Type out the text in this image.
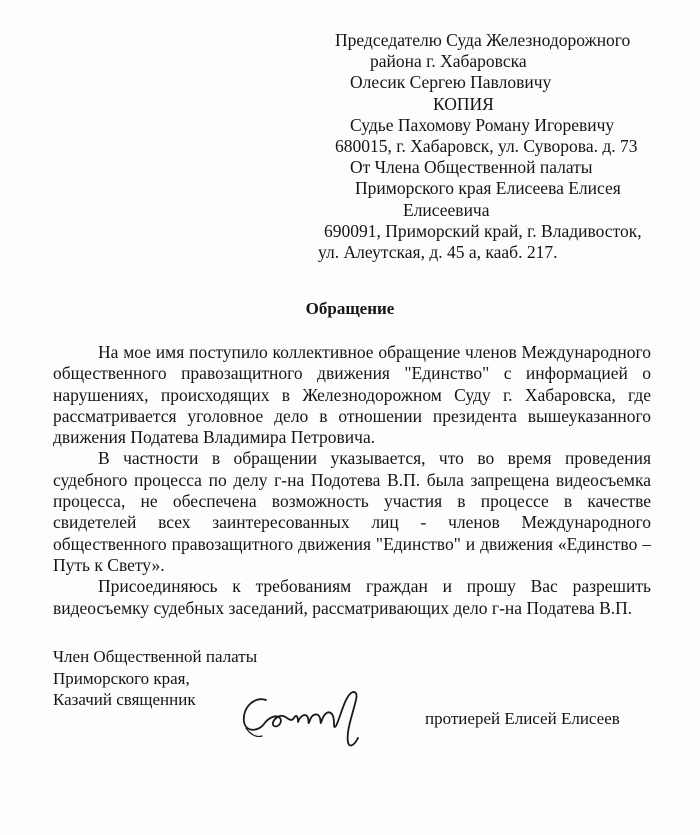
Председателю Суда Железнодорожного
района г. Хабаровска
Олесик Сергею Павловичу
КОПИЯ
Судье Пахомову Роману Игоревичу
680015, г. Хабаровск, ул. Суворова. д. 73
От Члена Общественной палаты
Приморского края Елисеева Елисея
Елисеевича
690091, Приморский край, г. Владивосток,
ул. Алеутская, д. 45 а, кааб. 217.
Обращение

На мое имя поступило коллективное обращение членов Международного общественного правозащитного движения "Единство" с информацией о нарушениях, происходящих в Железнодорожном Суду г. Хабаровска, где рассматривается уголовное дело в отношении президента вышеуказанного движения Податева Владимира Петровича.

В частности в обращении указывается, что во время проведения судебного процесса по делу г-на Подотева В.П. была запрещена видеосъемка процесса, не обеспечена возможность участия в процессе в качестве свидетелей всех заинтересованных лиц - членов Международного общественного правозащитного движения "Единство" и движения «Единство – Путь к Свету».

Присоединяюсь к требованиям граждан и прошу Вас разрешить видеосъемку судебных заседаний, рассматривающих дело г-на Податева В.П.

Член Общественной палаты
Приморского края,
Казачий священник
протиерей Елисей Елисеев
